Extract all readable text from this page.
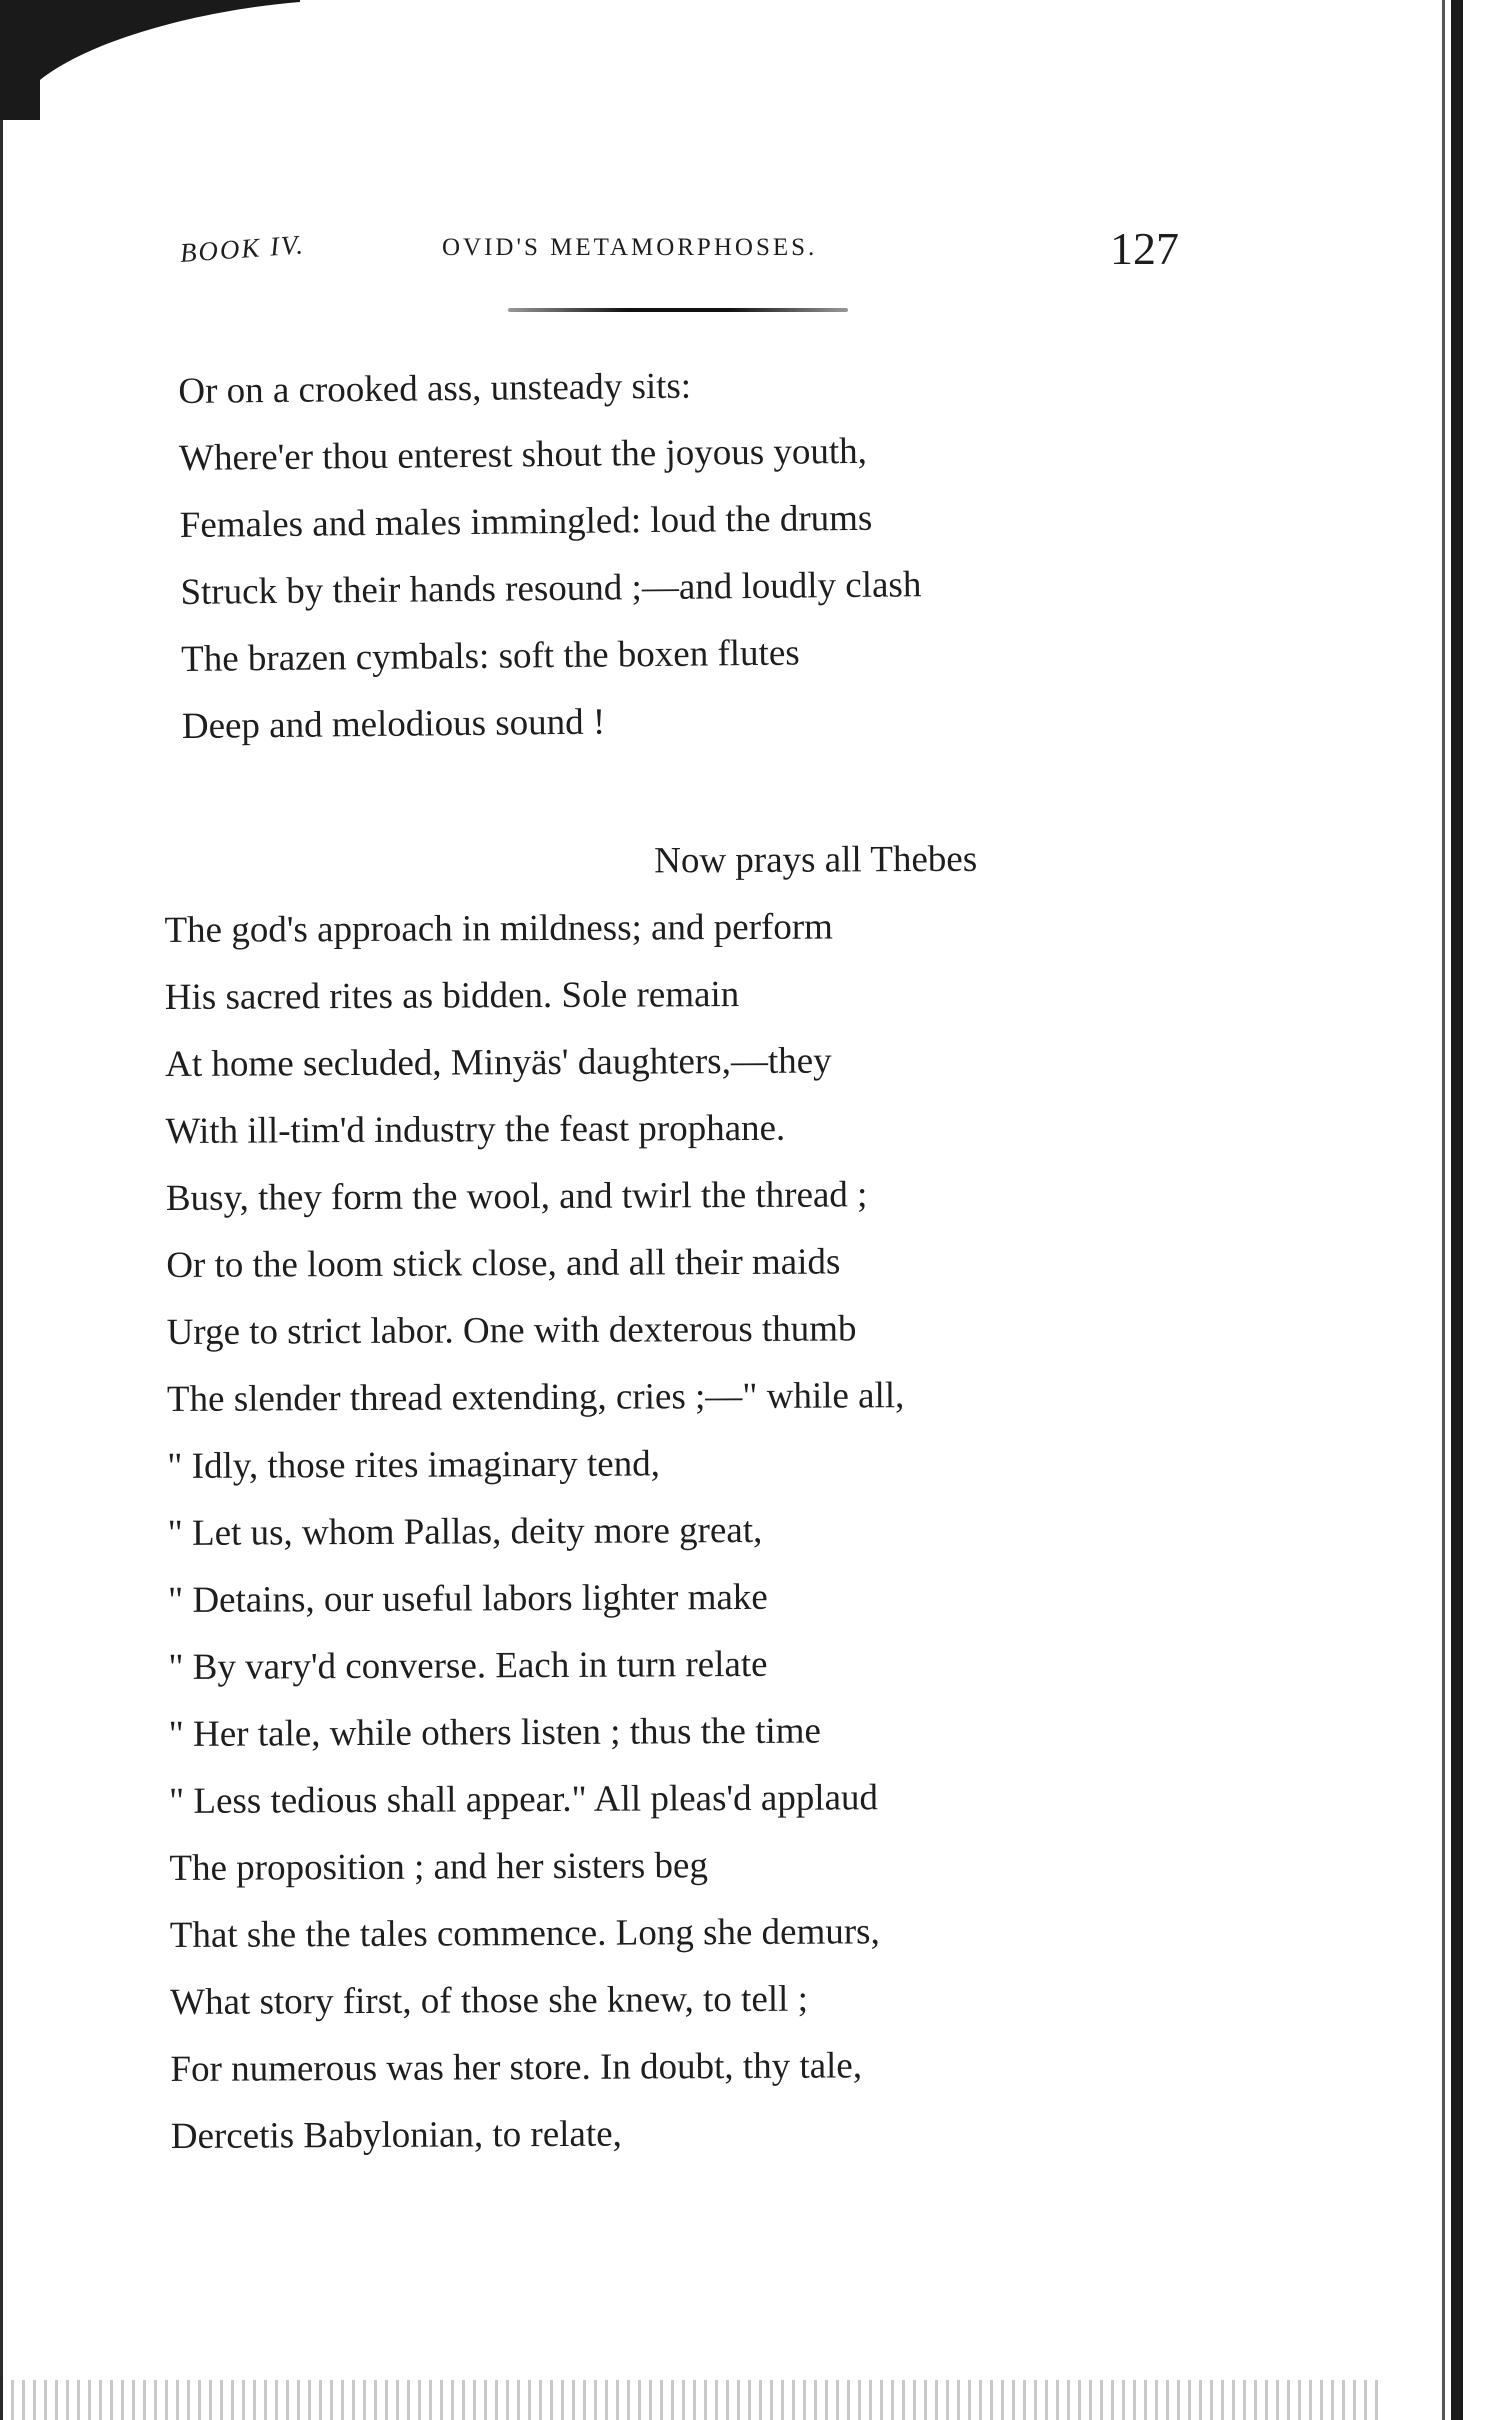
BOOK IV.	OVID'S METAMORPHOSES.	127
Or on a crooked ass, unsteady sits:
Where'er thou enterest shout the joyous youth,
Females and males immingled: loud the drums
Struck by their hands resound ;—and loudly clash
The brazen cymbals: soft the boxen flutes
Deep and melodious sound !
Now prays all Thebes
The god's approach in mildness; and perform
His sacred rites as bidden. Sole remain
At home secluded, Minyäs' daughters,—they
With ill-tim'd industry the feast prophane.
Busy, they form the wool, and twirl the thread ;
Or to the loom stick close, and all their maids
Urge to strict labor. One with dexterous thumb
The slender thread extending, cries ;—" while all,
" Idly, those rites imaginary tend,
" Let us, whom Pallas, deity more great,
" Detains, our useful labors lighter make
" By vary'd converse. Each in turn relate
" Her tale, while others listen ; thus the time
" Less tedious shall appear." All pleas'd applaud
The proposition ; and her sisters beg
That she the tales commence. Long she demurs,
What story first, of those she knew, to tell ;
For numerous was her store. In doubt, thy tale,
Dercetis Babylonian, to relate,
